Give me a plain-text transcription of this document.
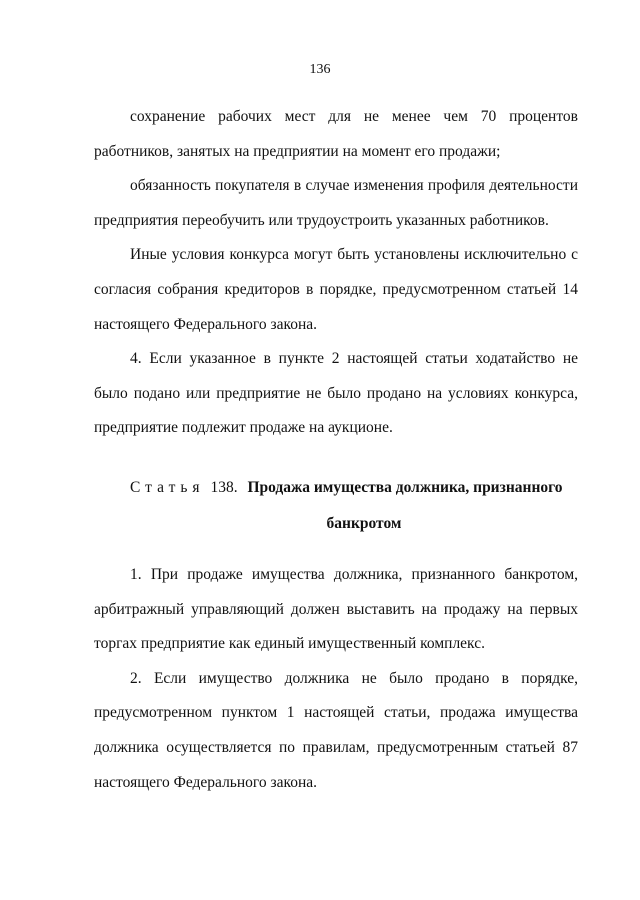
136

сохранение рабочих мест для не менее чем 70 процентов работников, занятых на предприятии на момент его продажи;

обязанность покупателя в случае изменения профиля деятельности предприятия переобучить или трудоустроить указанных работников.

Иные условия конкурса могут быть установлены исключительно с согласия собрания кредиторов в порядке, предусмотренном статьей 14 настоящего Федерального закона.

4. Если указанное в пункте 2 настоящей статьи ходатайство не было подано или предприятие не было продано на условиях конкурса, предприятие подлежит продаже на аукционе.

Статья 138. Продажа имущества должника, признанного
банкротом

1. При продаже имущества должника, признанного банкротом, арбитражный управляющий должен выставить на продажу на первых торгах предприятие как единый имущественный комплекс.

2. Если имущество должника не было продано в порядке, предусмотренном пунктом 1 настоящей статьи, продажа имущества должника осуществляется по правилам, предусмотренным статьей 87 настоящего Федерального закона.
